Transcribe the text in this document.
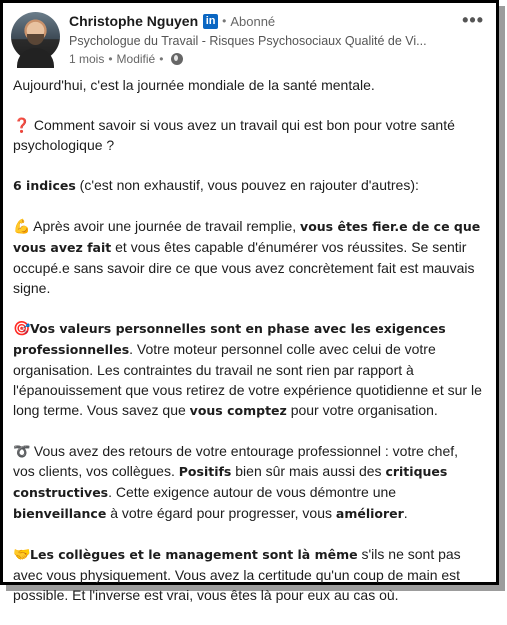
Christophe Nguyen in • Abonné
Psychologue du Travail - Risques Psychosociaux Qualité de Vi...
1 mois • Modifié •
•••

Aujourd'hui, c'est la journée mondiale de la santé mentale.

❓ Comment savoir si vous avez un travail qui est bon pour votre santé psychologique ?

6 indices (c'est non exhaustif, vous pouvez en rajouter d'autres):

💪 Après avoir une journée de travail remplie, vous êtes fier.e de ce que vous avez fait et vous êtes capable d'énumérer vos réussites. Se sentir occupé.e sans savoir dire ce que vous avez concrètement fait est mauvais signe.

🎯Vos valeurs personnelles sont en phase avec les exigences professionnelles. Votre moteur personnel colle avec celui de votre organisation. Les contraintes du travail ne sont rien par rapport à l'épanouissement que vous retirez de votre expérience quotidienne et sur le long terme. Vous savez que vous comptez pour votre organisation.

➰ Vous avez des retours de votre entourage professionnel : votre chef, vos clients, vos collègues. Positifs bien sûr mais aussi des critiques constructives. Cette exigence autour de vous démontre une bienveillance à votre égard pour progresser, vous améliorer.

🤝Les collègues et le management sont là même s'ils ne sont pas avec vous physiquement. Vous avez la certitude qu'un coup de main est possible. Et l'inverse est vrai, vous êtes là pour eux au cas où.
